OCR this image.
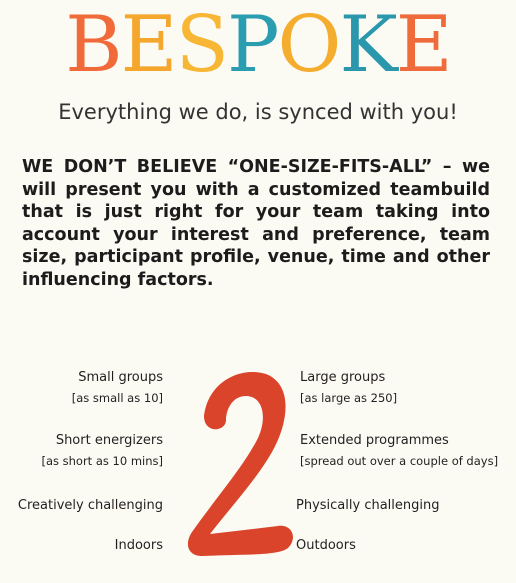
BESPOKE
Everything we do, is synced with you!
WE DON’T BELIEVE “ONE-SIZE-FITS-ALL” – we will present you with a customized teambuild that is just right for your team taking into account your interest and preference, team size, participant profile, venue, time and other influencing factors.
Small groups
[as small as 10]
Short energizers
[as short as 10 mins]
Creatively challenging
Indoors
Large groups
[as large as 250]
Extended programmes
[spread out over a couple of days]
Physically challenging
Outdoors
